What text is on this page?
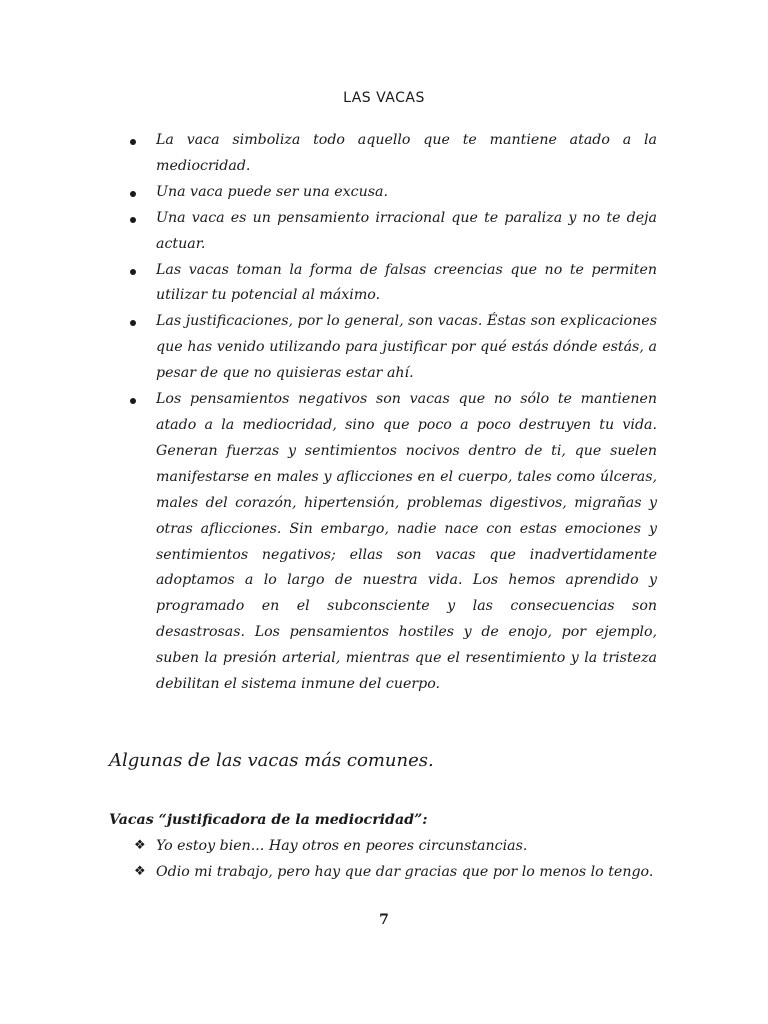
LAS VACAS
La vaca simboliza todo aquello que te mantiene atado a la mediocridad.
Una vaca puede ser una excusa.
Una vaca es un pensamiento irracional que te paraliza y no te deja actuar.
Las vacas toman la forma de falsas creencias que no te permiten utilizar tu potencial al máximo.
Las justificaciones, por lo general, son vacas. Éstas son explicaciones que has venido utilizando para justificar por qué estás dónde estás, a pesar de que no quisieras estar ahí.
Los pensamientos negativos son vacas que no sólo te mantienen atado a la mediocridad, sino que poco a poco destruyen tu vida. Generan fuerzas y sentimientos nocivos dentro de ti, que suelen manifestarse en males y aflicciones en el cuerpo, tales como úlceras, males del corazón, hipertensión, problemas digestivos, migrañas y otras aflicciones. Sin embargo, nadie nace con estas emociones y sentimientos negativos; ellas son vacas que inadvertidamente adoptamos a lo largo de nuestra vida. Los hemos aprendido y programado en el subconsciente y las consecuencias son desastrosas. Los pensamientos hostiles y de enojo, por ejemplo, suben la presión arterial, mientras que el resentimiento y la tristeza debilitan el sistema inmune del cuerpo.
Algunas de las vacas más comunes.
Vacas “justificadora de la mediocridad”:
❖ Yo estoy bien... Hay otros en peores circunstancias.
❖ Odio mi trabajo, pero hay que dar gracias que por lo menos lo tengo.
7
